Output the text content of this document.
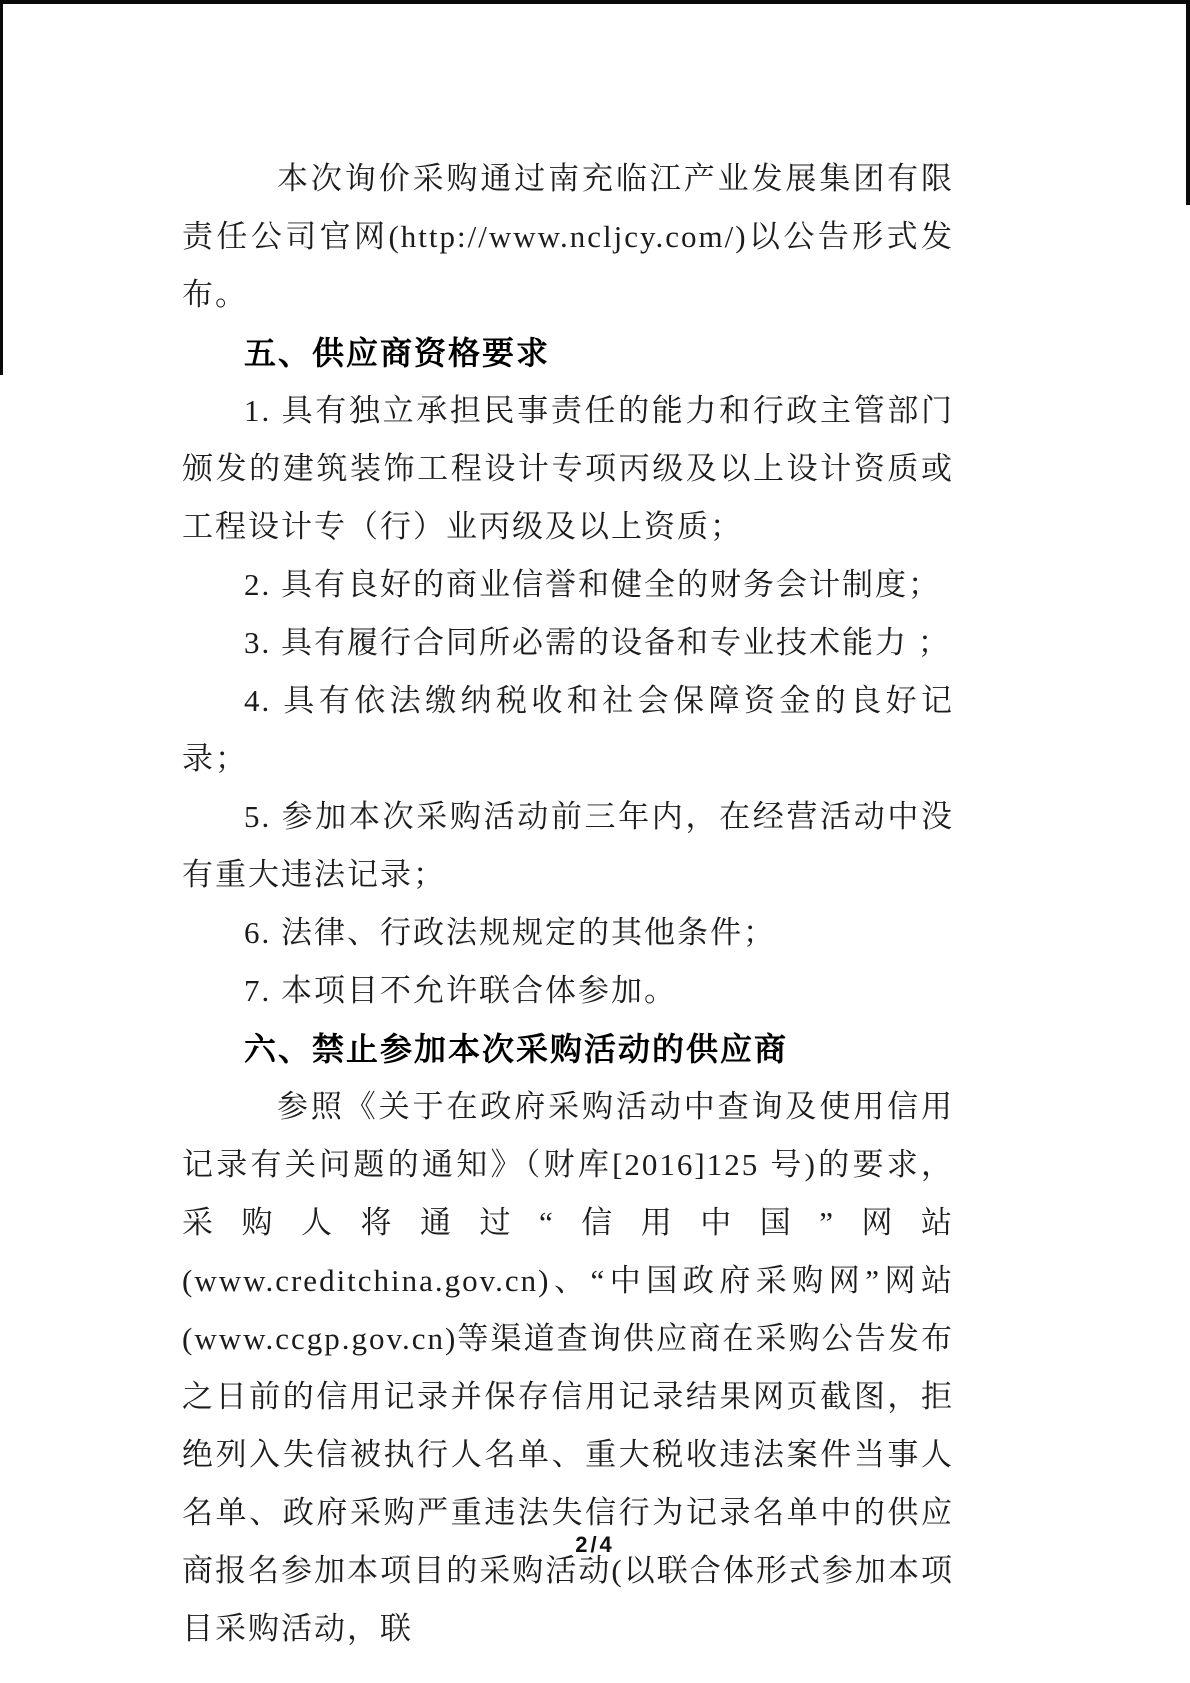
本次询价采购通过南充临江产业发展集团有限责任公司官网(http://www.ncljcy.com/)以公告形式发布。

五、供应商资格要求

1. 具有独立承担民事责任的能力和行政主管部门颁发的建筑装饰工程设计专项丙级及以上设计资质或工程设计专（行）业丙级及以上资质；

2. 具有良好的商业信誉和健全的财务会计制度；

3. 具有履行合同所必需的设备和专业技术能力 ；

4. 具有依法缴纳税收和社会保障资金的良好记录；

5. 参加本次采购活动前三年内，在经营活动中没有重大违法记录；

6. 法律、行政法规规定的其他条件；

7. 本项目不允许联合体参加。

六、禁止参加本次采购活动的供应商

参照《关于在政府采购活动中查询及使用信用记录有关问题的通知》（财库[2016]125 号)的要求，采购人将通过“信用中国”网站(www.creditchina.gov.cn)、“中国政府采购网”网站(www.ccgp.gov.cn)等渠道查询供应商在采购公告发布之日前的信用记录并保存信用记录结果网页截图，拒绝列入失信被执行人名单、重大税收违法案件当事人名单、政府采购严重违法失信行为记录名单中的供应商报名参加本项目的采购活动(以联合体形式参加本项目采购活动，联

2/4
